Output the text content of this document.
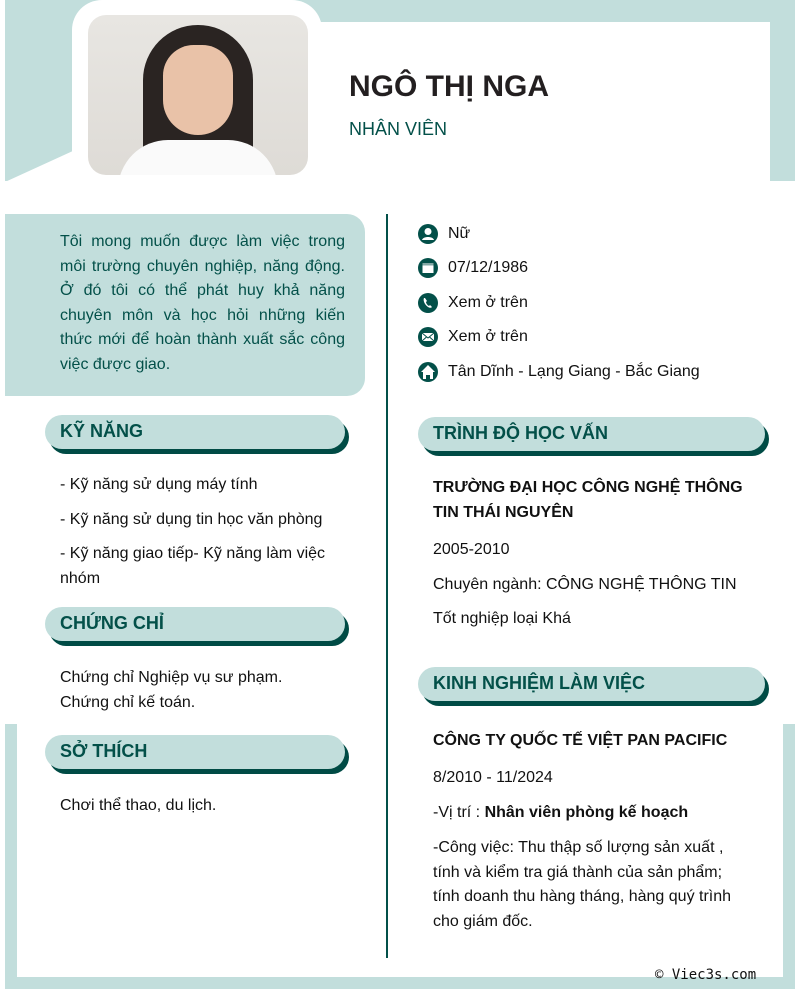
NGÔ THỊ NGA
NHÂN VIÊN
Tôi mong muốn được làm việc trong môi trường chuyên nghiệp, năng động. Ở đó tôi có thể phát huy khả năng chuyên môn và học hỏi những kiến thức mới để hoàn thành xuất sắc công việc được giao.
Nữ
07/12/1986
Xem ở trên
Xem ở trên
Tân Dĩnh - Lạng Giang - Bắc Giang
KỸ NĂNG
- Kỹ năng sử dụng máy tính
- Kỹ năng sử dụng tin học văn phòng
- Kỹ năng giao tiếp- Kỹ năng làm việc nhóm
CHỨNG CHỈ
Chứng chỉ Nghiệp vụ sư phạm.
Chứng chỉ kế toán.
SỞ THÍCH
Chơi thể thao, du lịch.
TRÌNH ĐỘ HỌC VẤN
TRƯỜNG ĐẠI HỌC CÔNG NGHỆ THÔNG TIN THÁI NGUYÊN
2005-2010
Chuyên ngành: CÔNG NGHỆ THÔNG TIN
Tốt nghiệp loại Khá
KINH NGHIỆM LÀM VIỆC
CÔNG TY QUỐC TẾ VIỆT PAN PACIFIC
8/2010 - 11/2024
-Vị trí : Nhân viên phòng kế hoạch
-Công việc: Thu thập số lượng sản xuất , tính và kiểm tra giá thành của sản phẩm; tính doanh thu hàng tháng, hàng quý trình cho giám đốc.
© Viec3s.com
